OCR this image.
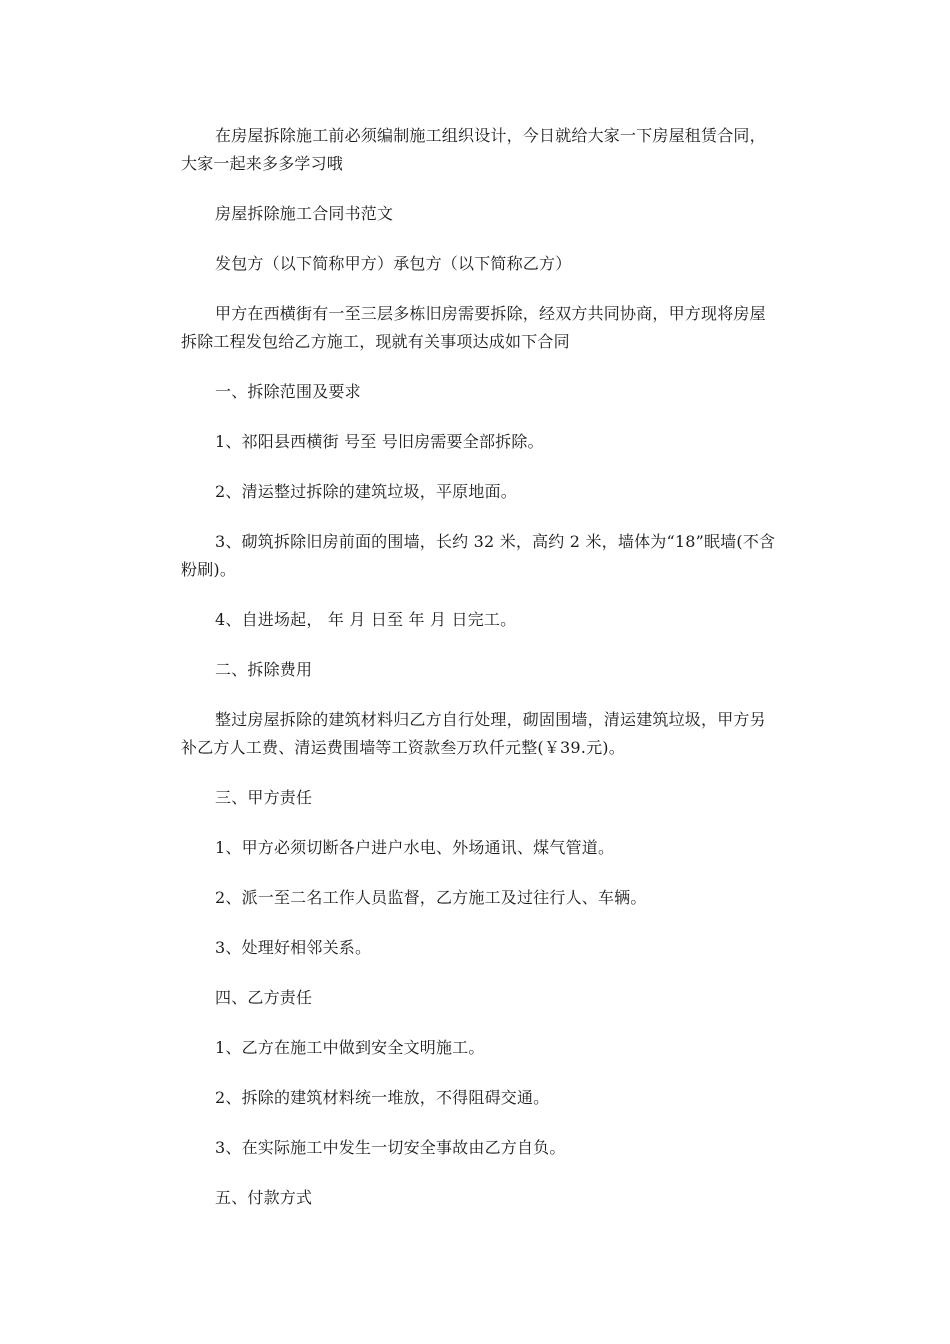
在房屋拆除施工前必须编制施工组织设计，今日就给大家一下房屋租赁合同，大家一起来多多学习哦

房屋拆除施工合同书范文

发包方（以下简称甲方）承包方（以下简称乙方）

甲方在西横街有一至三层多栋旧房需要拆除，经双方共同协商，甲方现将房屋拆除工程发包给乙方施工，现就有关事项达成如下合同

一、拆除范围及要求

1、祁阳县西横街 号至 号旧房需要全部拆除。

2、清运整过拆除的建筑垃圾，平原地面。

3、砌筑拆除旧房前面的围墙，长约 32 米，高约 2 米，墙体为“18”眠墙(不含粉刷)。

4、自进场起， 年 月 日至 年 月 日完工。

二、拆除费用

整过房屋拆除的建筑材料归乙方自行处理，砌固围墙，清运建筑垃圾，甲方另补乙方人工费、清运费围墙等工资款叁万玖仟元整(￥39.元)。

三、甲方责任

1、甲方必须切断各户进户水电、外场通讯、煤气管道。

2、派一至二名工作人员监督，乙方施工及过往行人、车辆。

3、处理好相邻关系。

四、乙方责任

1、乙方在施工中做到安全文明施工。

2、拆除的建筑材料统一堆放，不得阻碍交通。

3、在实际施工中发生一切安全事故由乙方自负。

五、付款方式
